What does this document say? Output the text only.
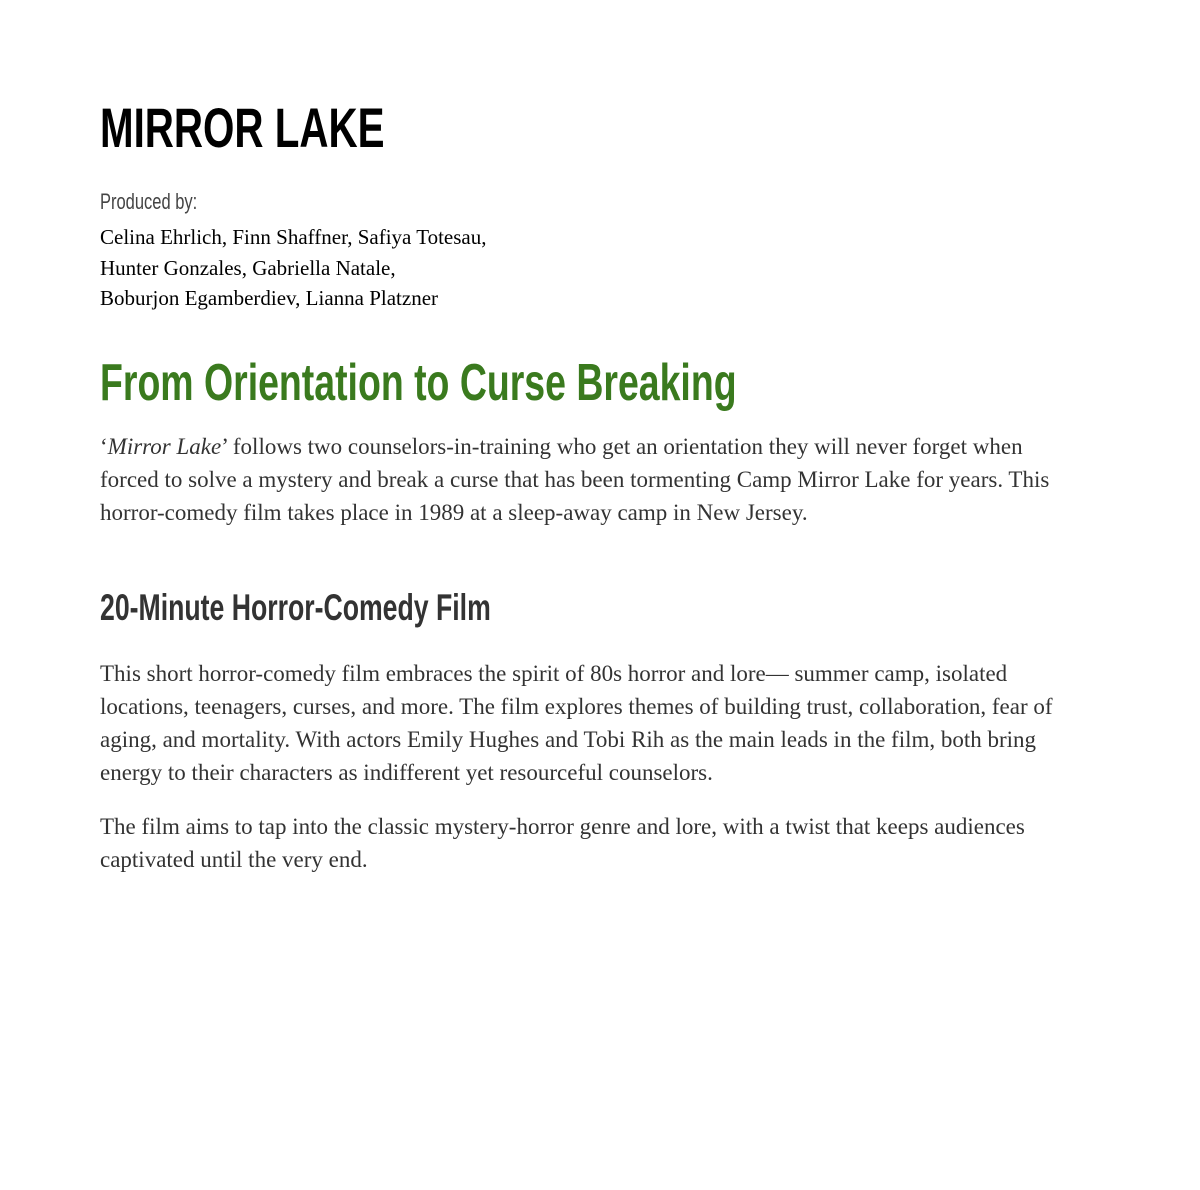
MIRROR LAKE
Produced by:
Celina Ehrlich, Finn Shaffner, Safiya Totesau,
Hunter Gonzales, Gabriella Natale,
Boburjon Egamberdiev, Lianna Platzner
From Orientation to Curse Breaking

‘Mirror Lake’ follows two counselors-in-training who get an orientation they will never forget when forced to solve a mystery and break a curse that has been tormenting Camp Mirror Lake for years. This horror-comedy film takes place in 1989 at a sleep-away camp in New Jersey.

20-Minute Horror-Comedy Film

This short horror-comedy film embraces the spirit of 80s horror and lore— summer camp, isolated locations, teenagers, curses, and more. The film explores themes of building trust, collaboration, fear of aging, and mortality. With actors Emily Hughes and Tobi Rih as the main leads in the film, both bring energy to their characters as indifferent yet resourceful counselors.

The film aims to tap into the classic mystery-horror genre and lore, with a twist that keeps audiences captivated until the very end.
